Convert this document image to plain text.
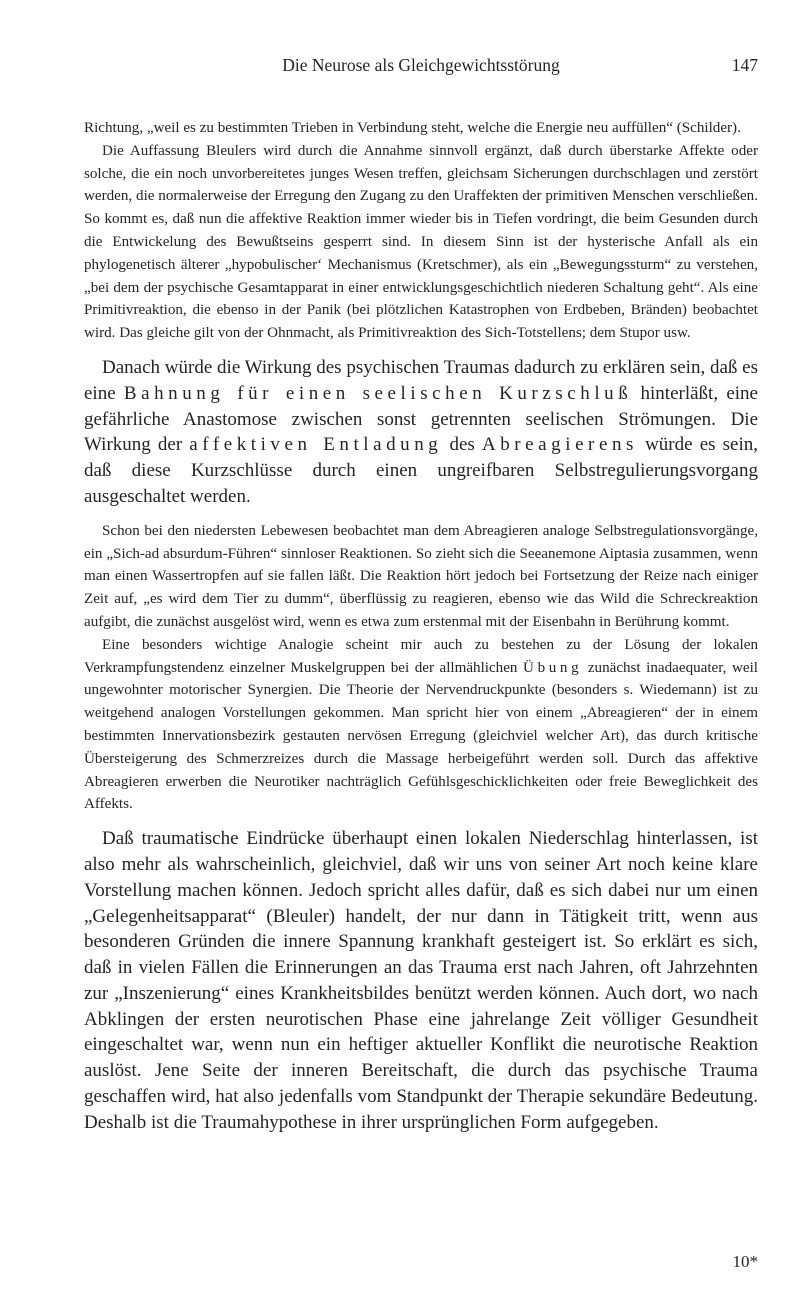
Die Neurose als Gleichgewichtsstörung	147

Richtung, „weil es zu bestimmten Trieben in Verbindung steht, welche die Energie neu auffüllen“ (Schilder).

Die Auffassung Bleulers wird durch die Annahme sinnvoll ergänzt, daß durch überstarke Affekte oder solche, die ein noch unvorbereitetes junges Wesen treffen, gleichsam Sicherungen durchschlagen und zerstört werden, die normalerweise der Erregung den Zugang zu den Uraffekten der primitiven Menschen verschließen. So kommt es, daß nun die affektive Reaktion immer wieder bis in Tiefen vordringt, die beim Gesunden durch die Entwickelung des Bewußtseins gesperrt sind. In diesem Sinn ist der hysterische Anfall als ein phylogenetisch älterer „hypobulischer‘ Mechanismus (Kretschmer), als ein „Bewegungssturm“ zu verstehen, „bei dem der psychische Gesamtapparat in einer entwicklungsgeschichtlich niederen Schaltung geht“. Als eine Primitivreaktion, die ebenso in der Panik (bei plötzlichen Katastrophen von Erdbeben, Bränden) beobachtet wird. Das gleiche gilt von der Ohnmacht, als Primitivreaktion des Sich-Totstellens; dem Stupor usw.

Danach würde die Wirkung des psychischen Traumas dadurch zu erklären sein, daß es eine Bahnung für einen seelischen Kurzschluß hinterläßt, eine gefährliche Anastomose zwischen sonst getrennten seelischen Strömungen. Die Wirkung der affektiven Entladung des Abreagierens würde es sein, daß diese Kurzschlüsse durch einen ungreifbaren Selbstregulierungsvorgang ausgeschaltet werden.

Schon bei den niedersten Lebewesen beobachtet man dem Abreagieren analoge Selbstregulationsvorgänge, ein „Sich-ad absurdum-Führen“ sinnloser Reaktionen. So zieht sich die Seeanemone Aiptasia zusammen, wenn man einen Wassertropfen auf sie fallen läßt. Die Reaktion hört jedoch bei Fortsetzung der Reize nach einiger Zeit auf, „es wird dem Tier zu dumm“, überflüssig zu reagieren, ebenso wie das Wild die Schreckreaktion aufgibt, die zunächst ausgelöst wird, wenn es etwa zum erstenmal mit der Eisenbahn in Berührung kommt.

Eine besonders wichtige Analogie scheint mir auch zu bestehen zu der Lösung der lokalen Verkrampfungstendenz einzelner Muskelgruppen bei der allmählichen Übung zunächst inadaequater, weil ungewohnter motorischer Synergien. Die Theorie der Nervendruckpunkte (besonders s. Wiedemann) ist zu weitgehend analogen Vorstellungen gekommen. Man spricht hier von einem „Abreagieren“ der in einem bestimmten Innervationsbezirk gestauten nervösen Erregung (gleichviel welcher Art), das durch kritische Übersteigerung des Schmerzreizes durch die Massage herbeigeführt werden soll. Durch das affektive Abreagieren erwerben die Neurotiker nachträglich Gefühlsgeschicklichkeiten oder freie Beweglichkeit des Affekts.

Daß traumatische Eindrücke überhaupt einen lokalen Niederschlag hinterlassen, ist also mehr als wahrscheinlich, gleichviel, daß wir uns von seiner Art noch keine klare Vorstellung machen können. Jedoch spricht alles dafür, daß es sich dabei nur um einen „Gelegenheitsapparat“ (Bleuler) handelt, der nur dann in Tätigkeit tritt, wenn aus besonderen Gründen die innere Spannung krankhaft gesteigert ist. So erklärt es sich, daß in vielen Fällen die Erinnerungen an das Trauma erst nach Jahren, oft Jahrzehnten zur „Inszenierung“ eines Krankheitsbildes benützt werden können. Auch dort, wo nach Abklingen der ersten neurotischen Phase eine jahrelange Zeit völliger Gesundheit eingeschaltet war, wenn nun ein heftiger aktueller Konflikt die neurotische Reaktion auslöst. Jene Seite der inneren Bereitschaft, die durch das psychische Trauma geschaffen wird, hat also jedenfalls vom Standpunkt der Therapie sekundäre Bedeutung. Deshalb ist die Traumahypothese in ihrer ursprünglichen Form aufgegeben.

10*
